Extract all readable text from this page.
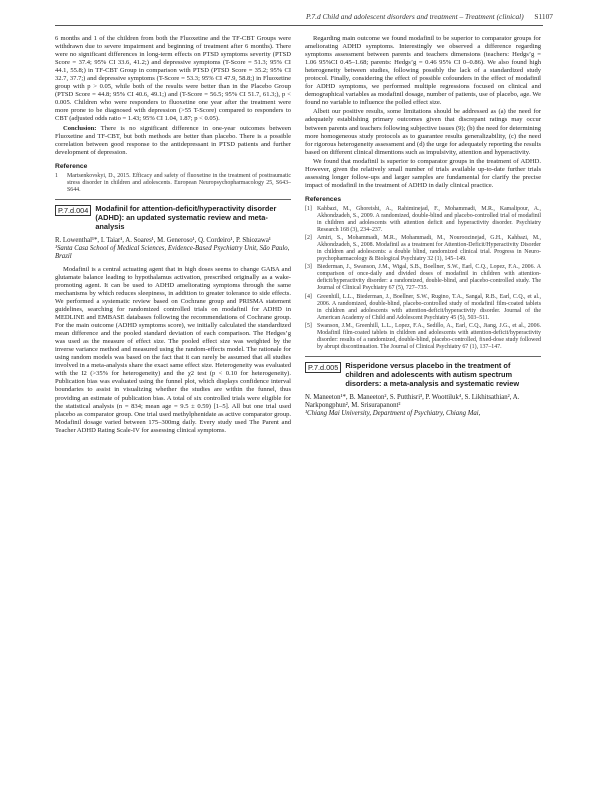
P.7.d Child and adolescent disorders and treatment – Treatment (clinical) S1107

6 months and 1 of the children from both the Fluoxetine and the TF-CBT Groups were withdrawn due to severe impairment and beginning of treatment after 6 months). There were no significant differences in long-term effects on PTSD symptoms severity (PTSD Score = 37.4; 95% CI 33.6, 41.2;) and depressive symptoms (T-Score = 51.3; 95% CI 44.1, 55.8;) in TF-CBT Group in comparison with PTSD (PTSD Score = 35.2; 95% CI 32.7, 37.7;) and depressive symptoms (T-Score = 53.3; 95% CI 47.9, 58.8;) in Fluoxetine group with p > 0.05, while both of the results were better than in the Placebo Group (PTSD Score = 44.8; 95% CI 40.6, 49.1;) and (T-Score = 56.5; 95% CI 51.7, 61.3;), p < 0.005. Children who were responders to fluoxetine one year after the treatment were more prone to be diagnosed with depression (>55 T-Score) compared to responders to CBT (adjusted odds ratio = 1.43; 95% CI 1.04, 1.87; p < 0.05).

Conclusion: There is no significant difference in one-year outcomes between Fluoxetine and TF-CBT, but both methods are better than placebo. There is a possible correlation between good response to the antidepressant in PTSD patients and further development of depression.

Reference
1	Martsenkovskyi, D., 2015. Efficacy and safety of fluoxetine in the treatment of posttraumatic stress disorder in children and adolescents. European Neuropsychopharmacology 25, S643–S644.
P.7.d.004 Modafinil for attention-deficit/hyperactivity disorder (ADHD): an updated systematic review and meta-analysis
R. Lowenthal¹*, I. Taiar¹, A. Soares¹, M. Generoso¹, Q. Cordeiro¹, P. Shiozawa¹
¹Santa Casa School of Medical Sciences, Evidence-Based Psychiatry Unit, São Paulo, Brazil

Modafinil is a central actuating agent that in high doses seems to change GABA and glutamate balance leading to hypothalamus activation, prescribed originally as a wake-promoting agent. It can be used to ADHD ameliorating symptoms through the same mechanisms by which reduces sleepiness, in addition to greater tolerance to side effects. We performed a systematic review based on Cochrane group and PRISMA statement guidelines, searching for randomized controlled trials on modafinil for ADHD in MEDLINE and EMBASE databases following the recommendations of Cochrane group. For the main outcome (ADHD symptoms score), we initially calculated the standardized mean difference and the pooled standard deviation of each comparison. The Hedges’g was used as the measure of effect size. The pooled effect size was weighted by the inverse variance method and measured using the random-effects model. The rationale for using random models was based on the fact that it can rarely be assumed that all studies involved in a meta-analysis share the exact same effect size. Heterogeneity was evaluated with the I2 (>35% for heterogeneity) and the χ2 test (p < 0.10 for heterogeneity). Publication bias was evaluated using the funnel plot, which displays confidence interval boundaries to assist in visualizing whether the studies are within the funnel, thus providing an estimate of publication bias. A total of six controlled trials were eligible for the statistical analysis (n = 834; mean age = 9.5 ± 0.59) [1–5]. All but one trial used placebo as comparator group. One trial used methylphenidate as active comparator group. Modafinil dosage varied between 175–300mg daily. Every study used The Parent and Teacher ADHD Rating Scale-IV for assessing clinical symptoms.

Regarding main outcome we found modafinil to be superior to comparator groups for ameliorating ADHD symptoms. Interestingly we observed a difference regarding symptoms assessment between parents and teachers dimensions (teachers: Hedgs’g = 1.06 95%CI 0.45–1.68; parents: Hedgs’g = 0.46 95% CI 0–0.86). We also found high heterogeneity between studies, following possibly the lack of a standardized study protocol. Finally, considering the effect of possible cofounders in the effect of modafinil for ADHD symptoms, we performed multiple regressions focused on clinical and demographical variables as modafinil dosage, number of patients, use of placebo, age. We found no variable to influence the polled effect size.

Albeit our positive results, some limitations should be addressed as (a) the need for adequately establishing primary outcomes given that discrepant ratings may occur between parents and teachers following subjective issues (9); (b) the need for determining more homogeneous study protocols as to guarantee results generalizability, (c) the need for rigorous heterogeneity assessment and (d) the urge for adequately reporting the results based on different clinical dimentions such as impulsivity, attention and hyperactivity.

We found that modafinil is superior to comparator groups in the treatment of ADHD. However, given the relatively small number of trials available up-to-date further trials assessing longer follow-ups and larger samples are fundamental for clarify the precise impact of modafinil in the treatment of ADHD in daily clinical practice.

References
[1] Kahbazi, M., Ghoreishi, A., Rahiminejad, F., Mohammadi, M.R., Kamalipour, A., Akhondzadeh, S., 2009. A randomized, double-blind and placebo-controlled trial of modafinil in children and adolescents with attention deficit and hyperactivity disorder. Psychiatry Research 168 (3), 234–237.
[2] Amiri, S., Mohammadi, M.R., Mohammadi, M., Nouroozinejad, G.H., Kahbazi, M., Akhondzadeh, S., 2008. Modafinil as a treatment for Attention-Deficit/Hyperactivity Disorder in children and adolescents: a double blind, randomized clinical trial. Progress in Neuro-psychopharmacology & Biological Psychiatry 32 (1), 145–149.
[3] Biederman, J., Swanson, J.M., Wigal, S.B., Boellner, S.W., Earl, C.Q., Lopez, F.A., 2006. A comparison of once-daily and divided doses of modafinil in children with attention-deficit/hyperactivity disorder: a randomized, double-blind, and placebo-controlled study. The Journal of Clinical Psychiatry 67 (5), 727–735.
[4] Greenhill, L.L., Biederman, J., Boellner, S.W., Rugino, T.A., Sangal, R.B., Earl, C.Q., et al., 2006. A randomized, double-blind, placebo-controlled study of modafinil film-coated tablets in children and adolescents with attention-deficit/hyperactivity disorder. Journal of the American Academy of Child and Adolescent Psychiatry 45 (5), 503–511.
[5] Swanson, J.M., Greenhill, L.L., Lopez, F.A., Sedillo, A., Earl, C.Q., Jiang, J.G., et al., 2006. Modafinil film-coated tablets in children and adolescents with attention-deficit/hyperactivity disorder: results of a randomized, double-blind, placebo-controlled, fixed-dose study followed by abrupt discontinuation. The Journal of Clinical Psychiatry 67 (1), 137–147.
P.7.d.005 Risperidone versus placebo in the treatment of children and adolescents with autism spectrum disorders: a meta-analysis and systematic review
N. Maneeton¹*, B. Maneeton², S. Putthisri³, P. Woottiluk⁴, S. Likhitsathian², A. Narkpongphun², M. Srisurapanont²
¹Chiang Mai University, Department of Psychiatry, Chiang Mai,
